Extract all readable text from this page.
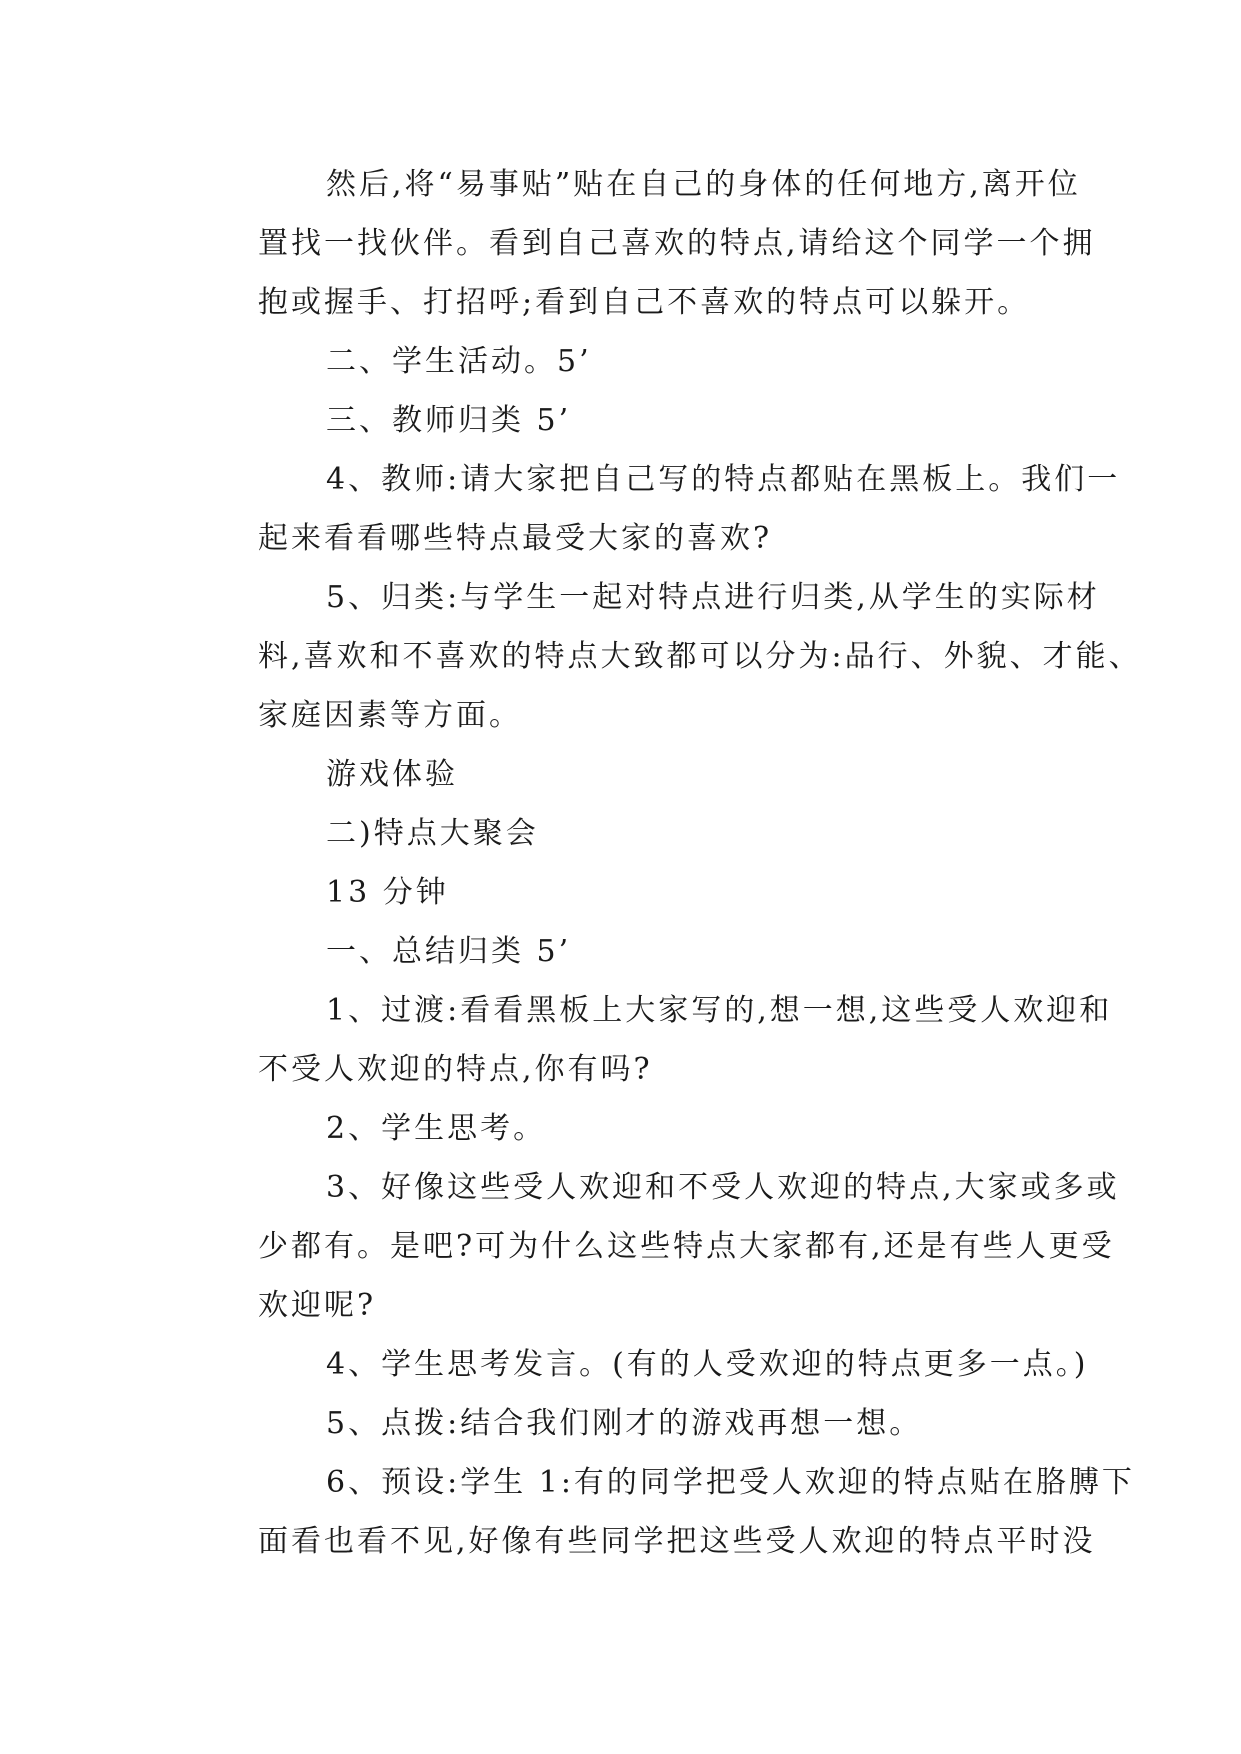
然后,将“易事贴”贴在自己的身体的任何地方,离开位
置找一找伙伴。看到自己喜欢的特点,请给这个同学一个拥
抱或握手、打招呼;看到自己不喜欢的特点可以躲开。
二、学生活动。5’
三、教师归类 5’
4、教师:请大家把自己写的特点都贴在黑板上。我们一
起来看看哪些特点最受大家的喜欢?
5、归类:与学生一起对特点进行归类,从学生的实际材
料,喜欢和不喜欢的特点大致都可以分为:品行、外貌、才能、
家庭因素等方面。
游戏体验
二)特点大聚会
13 分钟
一、总结归类 5’
1、过渡:看看黑板上大家写的,想一想,这些受人欢迎和
不受人欢迎的特点,你有吗?
2、学生思考。
3、好像这些受人欢迎和不受人欢迎的特点,大家或多或
少都有。是吧?可为什么这些特点大家都有,还是有些人更受
欢迎呢?
4、学生思考发言。(有的人受欢迎的特点更多一点。)
5、点拨:结合我们刚才的游戏再想一想。
6、预设:学生 1:有的同学把受人欢迎的特点贴在胳膊下
面看也看不见,好像有些同学把这些受人欢迎的特点平时没
